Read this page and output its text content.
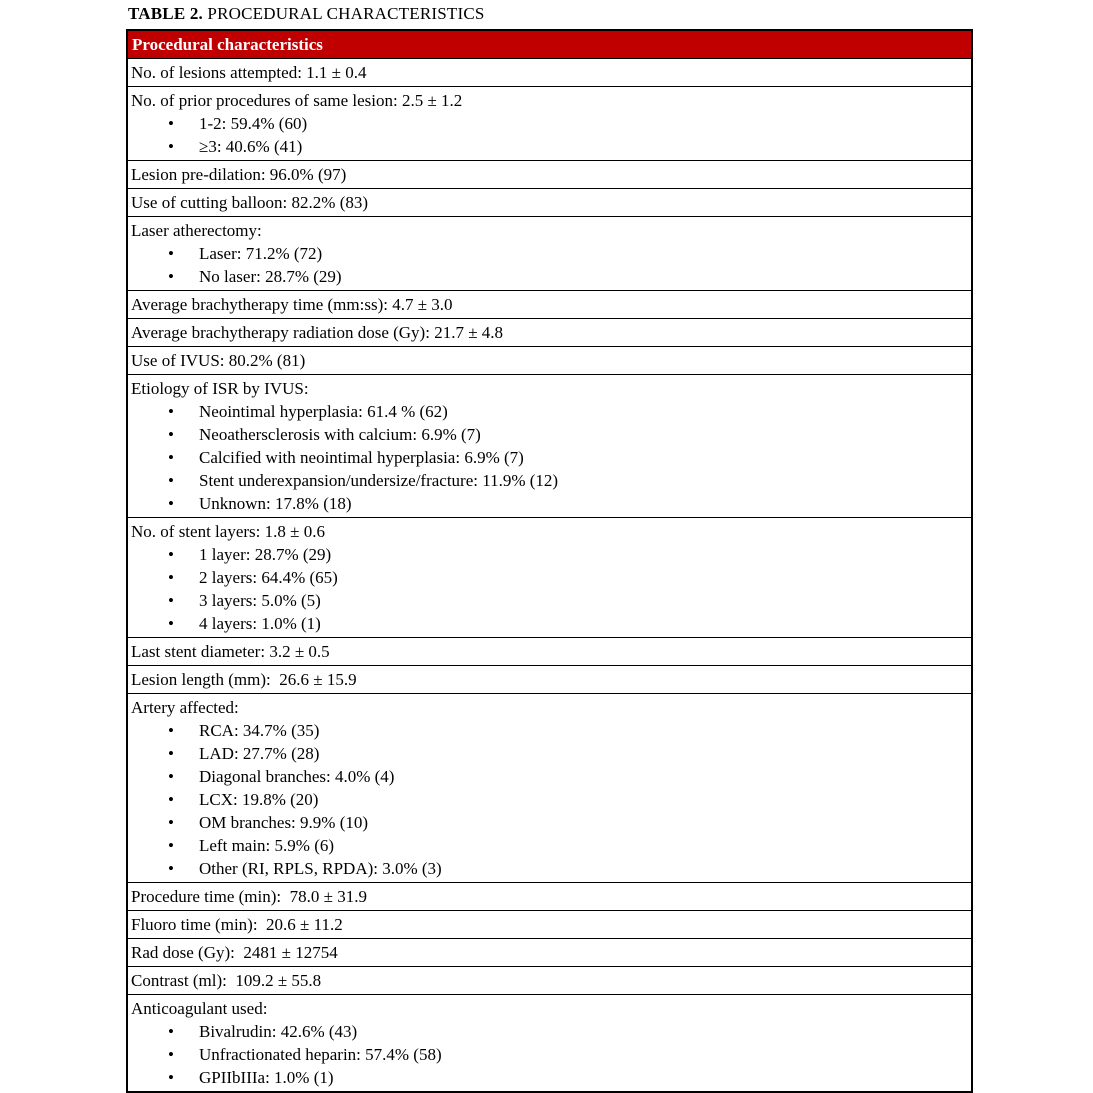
TABLE 2. PROCEDURAL CHARACTERISTICS

Procedural characteristics

No. of lesions attempted: 1.1 ± 0.4

No. of prior procedures of same lesion: 2.5 ± 1.2
• 1-2: 59.4% (60)
• ≥3: 40.6% (41)

Lesion pre-dilation: 96.0% (97)

Use of cutting balloon: 82.2% (83)

Laser atherectomy:
• Laser: 71.2% (72)
• No laser: 28.7% (29)

Average brachytherapy time (mm:ss): 4.7 ± 3.0

Average brachytherapy radiation dose (Gy): 21.7 ± 4.8

Use of IVUS: 80.2% (81)

Etiology of ISR by IVUS:
• Neointimal hyperplasia: 61.4 % (62)
• Neoathersclerosis with calcium: 6.9% (7)
• Calcified with neointimal hyperplasia: 6.9% (7)
• Stent underexpansion/undersize/fracture: 11.9% (12)
• Unknown: 17.8% (18)

No. of stent layers: 1.8 ± 0.6
• 1 layer: 28.7% (29)
• 2 layers: 64.4% (65)
• 3 layers: 5.0% (5)
• 4 layers: 1.0% (1)

Last stent diameter: 3.2 ± 0.5

Lesion length (mm):  26.6 ± 15.9

Artery affected:
• RCA: 34.7% (35)
• LAD: 27.7% (28)
• Diagonal branches: 4.0% (4)
• LCX: 19.8% (20)
• OM branches: 9.9% (10)
• Left main: 5.9% (6)
• Other (RI, RPLS, RPDA): 3.0% (3)

Procedure time (min):  78.0 ± 31.9

Fluoro time (min):  20.6 ± 11.2

Rad dose (Gy):  2481 ± 12754

Contrast (ml):  109.2 ± 55.8

Anticoagulant used:
• Bivalrudin: 42.6% (43)
• Unfractionated heparin: 57.4% (58)
• GPIIbIIIa: 1.0% (1)
